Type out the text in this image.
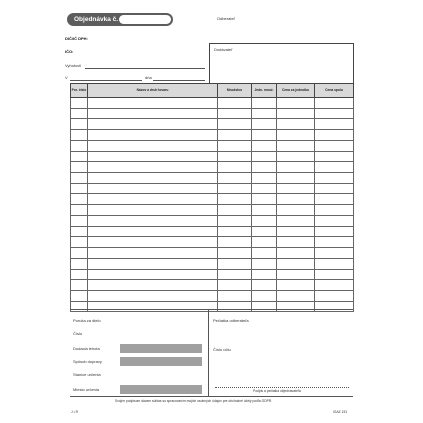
Objednávka č.	Odberateľ
DIČ/IČ DPH:
IČO:
Vyhotovil
V	dňa
Dodávateľ
Por. číslo	Názov a druh tovaru	Množstvo	Jedn. množ.	Cena za jednotku	Cena spolu

Poruka za dielo
Číslo
Dodacia lehota
Spôsob dopravy
Stanice určenia
Miesto určenia
Pečiatka odberateľa
Číslo účtu
Podpis a pečiatka objednávateľa
Svojím podpisom dávam súhlas so spracovaním mojich osobných údajov pre obchodné účely podľa GDPR.
J • R	IGAZ 151
